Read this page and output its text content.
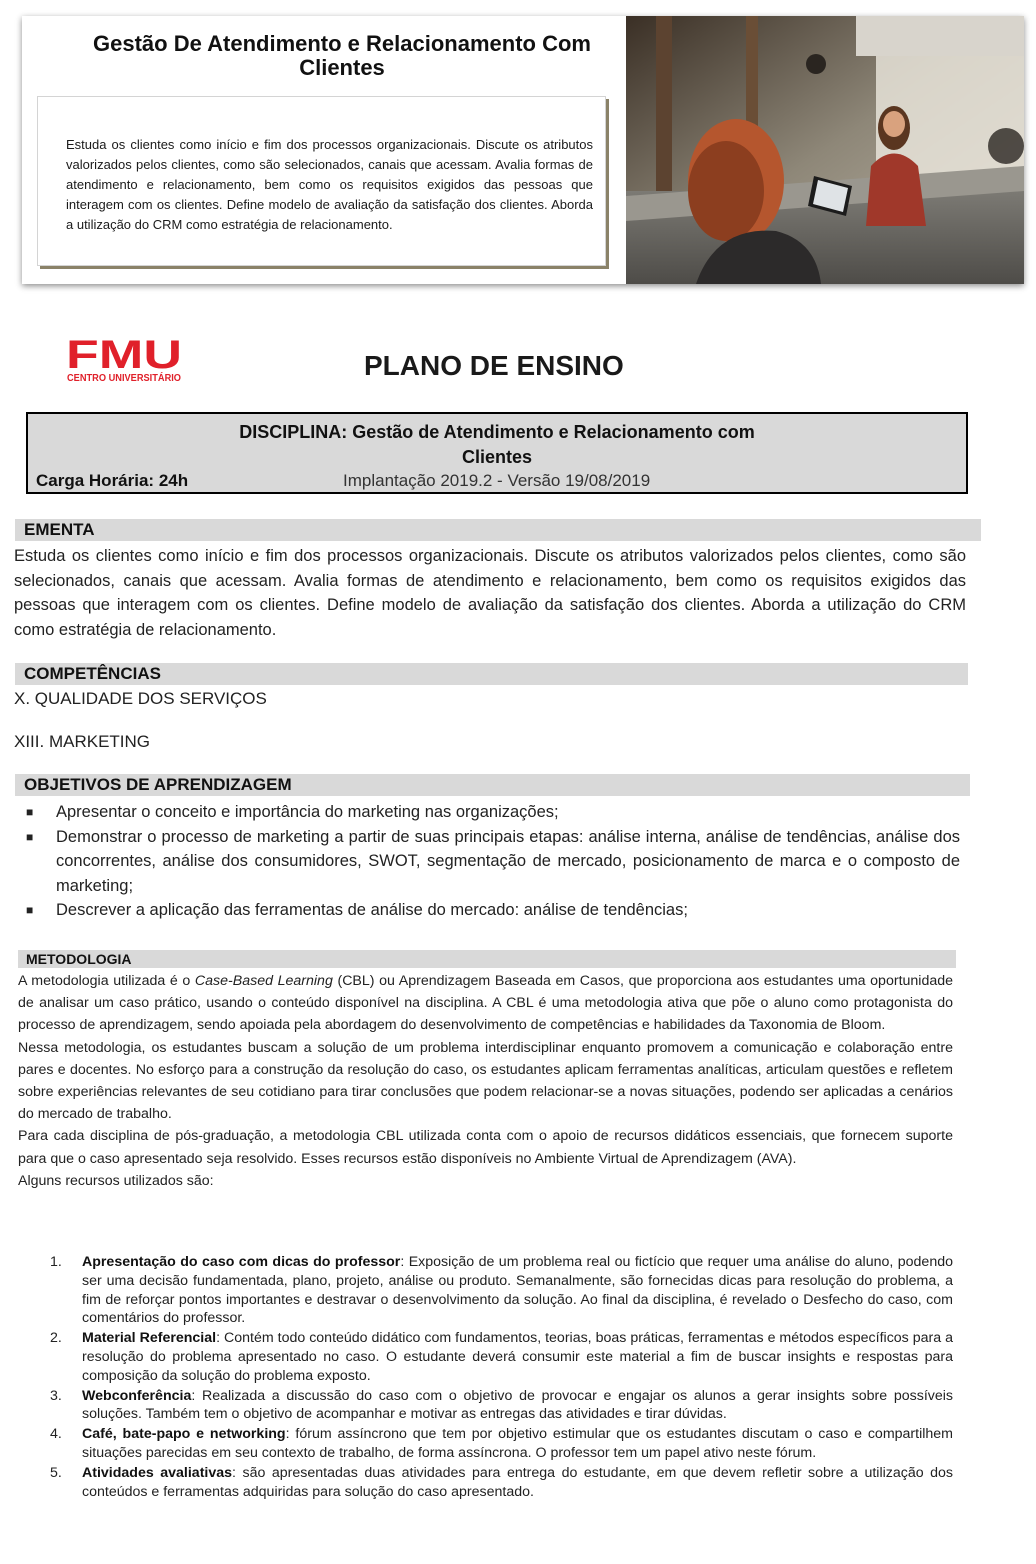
Gestão De Atendimento e Relacionamento Com Clientes
Estuda os clientes como início e fim dos processos organizacionais. Discute os atributos valorizados pelos clientes, como são selecionados, canais que acessam. Avalia formas de atendimento e relacionamento, bem como os requisitos exigidos das pessoas que interagem com os clientes. Define modelo de avaliação da satisfação dos clientes. Aborda a utilização do CRM como estratégia de relacionamento.
FMU
CENTRO UNIVERSITÁRIO	PLANO DE ENSINO
DISCIPLINA: Gestão de Atendimento e Relacionamento com Clientes
Carga Horária: 24h	Implantação 2019.2 - Versão 19/08/2019
EMENTA
Estuda os clientes como início e fim dos processos organizacionais. Discute os atributos valorizados pelos clientes, como são selecionados, canais que acessam. Avalia formas de atendimento e relacionamento, bem como os requisitos exigidos das pessoas que interagem com os clientes. Define modelo de avaliação da satisfação dos clientes. Aborda a utilização do CRM como estratégia de relacionamento.
COMPETÊNCIAS
X. QUALIDADE DOS SERVIÇOS
XIII. MARKETING
OBJETIVOS DE APRENDIZAGEM
■ Apresentar o conceito e importância do marketing nas organizações;
■ Demonstrar o processo de marketing a partir de suas principais etapas: análise interna, análise de tendências, análise dos concorrentes, análise dos consumidores, SWOT, segmentação de mercado, posicionamento de marca e o composto de marketing;
■ Descrever a aplicação das ferramentas de análise do mercado: análise de tendências;
METODOLOGIA

A metodologia utilizada é o Case-Based Learning (CBL) ou Aprendizagem Baseada em Casos, que proporciona aos estudantes uma oportunidade de analisar um caso prático, usando o conteúdo disponível na disciplina. A CBL é uma metodologia ativa que põe o aluno como protagonista do processo de aprendizagem, sendo apoiada pela abordagem do desenvolvimento de competências e habilidades da Taxonomia de Bloom.

Nessa metodologia, os estudantes buscam a solução de um problema interdisciplinar enquanto promovem a comunicação e colaboração entre pares e docentes. No esforço para a construção da resolução do caso, os estudantes aplicam ferramentas analíticas, articulam questões e refletem sobre experiências relevantes de seu cotidiano para tirar conclusões que podem relacionar-se a novas situações, podendo ser aplicadas a cenários do mercado de trabalho.

Para cada disciplina de pós-graduação, a metodologia CBL utilizada conta com o apoio de recursos didáticos essenciais, que fornecem suporte para que o caso apresentado seja resolvido. Esses recursos estão disponíveis no Ambiente Virtual de Aprendizagem (AVA).

Alguns recursos utilizados são:

1. Apresentação do caso com dicas do professor: Exposição de um problema real ou fictício que requer uma análise do aluno, podendo ser uma decisão fundamentada, plano, projeto, análise ou produto. Semanalmente, são fornecidas dicas para resolução do problema, a fim de reforçar pontos importantes e destravar o desenvolvimento da solução. Ao final da disciplina, é revelado o Desfecho do caso, com comentários do professor.
2. Material Referencial: Contém todo conteúdo didático com fundamentos, teorias, boas práticas, ferramentas e métodos específicos para a resolução do problema apresentado no caso. O estudante deverá consumir este material a fim de buscar insights e respostas para composição da solução do problema exposto.
3. Webconferência: Realizada a discussão do caso com o objetivo de provocar e engajar os alunos a gerar insights sobre possíveis soluções. Também tem o objetivo de acompanhar e motivar as entregas das atividades e tirar dúvidas.
4. Café, bate-papo e networking: fórum assíncrono que tem por objetivo estimular que os estudantes discutam o caso e compartilhem situações parecidas em seu contexto de trabalho, de forma assíncrona. O professor tem um papel ativo neste fórum.
5. Atividades avaliativas: são apresentadas duas atividades para entrega do estudante, em que devem refletir sobre a utilização dos conteúdos e ferramentas adquiridas para solução do caso apresentado.
